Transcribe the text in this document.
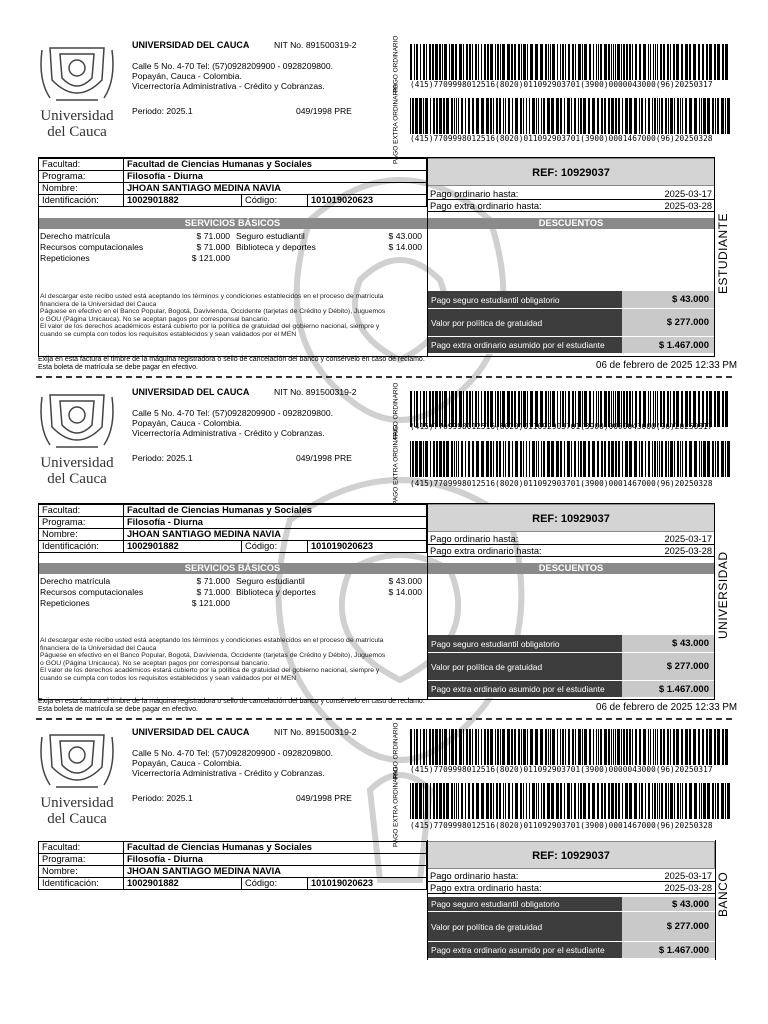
Universidad
del Cauca
UNIVERSIDAD DEL CAUCA	NIT No. 891500319-2
Calle 5 No. 4-70 Tel: (57)0928209900 - 0928209800.
Popayán, Cauca - Colombia.
Vicerrectoría Administrativa - Crédito y Cobranzas.
Periodo: 2025.1	049/1998 PRE
PAGO ORDINARIO (415)7709998012516(8020)011092903701(3900)0000043000(96)20250317
PAGO EXTRA ORDINARIO (415)7709998012516(8020)011092903701(3900)0001467000(96)20250328
Facultad:	Facultad de Ciencias Humanas y Sociales		
Programa:	Filosofía - Diurna		
Nombre:	JHOAN SANTIAGO MEDINA NAVIA		
Identificación:	1002901882	Código:	101019020623
REF: 10929037
Pago ordinario hasta:	2025-03-17
Pago extra ordinario hasta:	2025-03-28
SERVICIOS BÁSICOS	DESCUENTOS
Derecho matrícula	$ 71.000
Recursos computacionales	$ 71.000
Repeticiones	$ 121.000
Seguro estudiantil	$ 43.000
Biblioteca y deportes	$ 14.000
Al descargar este recibo usted está aceptando los términos y condiciones establecidos en el proceso de matrícula
financiera de la Universidad del Cauca
Páguese en efectivo en el Banco Popular, Bogotá, Davivienda, Occidente (tarjetas de Crédito y Débito), Juguemos
o GOU (Página Unicauca). No se aceptan pagos por corresponsal bancario.
El valor de los derechos académicos estará cubierto por la política de gratuidad del gobierno nacional, siempre y
cuando se cumpla con todos los requisitos establecidos y sean validados por el MEN
Pago seguro estudiantil obligatorio	$ 43.000
Valor por política de gratuidad	$ 277.000
Pago extra ordinario asumido por el estudiante	$ 1.467.000
Exija en esta factura el timbre de la máquina registradora o sello de cancelación del banco y consérvelo en caso de reclamo.
Esta boleta de matrícula se debe pagar en efectivo.	06 de febrero de 2025 12:33 PM
ESTUDIANTE
Universidad
del Cauca
UNIVERSIDAD DEL CAUCA	NIT No. 891500319-2
Calle 5 No. 4-70 Tel: (57)0928209900 - 0928209800.
Popayán, Cauca - Colombia.
Vicerrectoría Administrativa - Crédito y Cobranzas.
Periodo: 2025.1	049/1998 PRE
PAGO ORDINARIO (415)7709998012516(8020)011092903701(3900)0000043000(96)20250317
PAGO EXTRA ORDINARIO (415)7709998012516(8020)011092903701(3900)0001467000(96)20250328
Facultad:	Facultad de Ciencias Humanas y Sociales		
Programa:	Filosofía - Diurna		
Nombre:	JHOAN SANTIAGO MEDINA NAVIA		
Identificación:	1002901882	Código:	101019020623
REF: 10929037
Pago ordinario hasta:	2025-03-17
Pago extra ordinario hasta:	2025-03-28
SERVICIOS BÁSICOS	DESCUENTOS
Derecho matrícula	$ 71.000
Recursos computacionales	$ 71.000
Repeticiones	$ 121.000
Seguro estudiantil	$ 43.000
Biblioteca y deportes	$ 14.000
Al descargar este recibo usted está aceptando los términos y condiciones establecidos en el proceso de matrícula
financiera de la Universidad del Cauca
Páguese en efectivo en el Banco Popular, Bogotá, Davivienda, Occidente (tarjetas de Crédito y Débito), Juguemos
o GOU (Página Unicauca). No se aceptan pagos por corresponsal bancario.
El valor de los derechos académicos estará cubierto por la política de gratuidad del gobierno nacional, siempre y
cuando se cumpla con todos los requisitos establecidos y sean validados por el MEN
Pago seguro estudiantil obligatorio	$ 43.000
Valor por política de gratuidad	$ 277.000
Pago extra ordinario asumido por el estudiante	$ 1.467.000
Exija en esta factura el timbre de la máquina registradora o sello de cancelación del banco y consérvelo en caso de reclamo.
Esta boleta de matrícula se debe pagar en efectivo.	06 de febrero de 2025 12:33 PM
UNIVERSIDAD
Universidad
del Cauca
UNIVERSIDAD DEL CAUCA	NIT No. 891500319-2
Calle 5 No. 4-70 Tel: (57)0928209900 - 0928209800.
Popayán, Cauca - Colombia.
Vicerrectoría Administrativa - Crédito y Cobranzas.
Periodo: 2025.1	049/1998 PRE
PAGO ORDINARIO (415)7709998012516(8020)011092903701(3900)0000043000(96)20250317
PAGO EXTRA ORDINARIO (415)7709998012516(8020)011092903701(3900)0001467000(96)20250328
Facultad:	Facultad de Ciencias Humanas y Sociales		
Programa:	Filosofía - Diurna		
Nombre:	JHOAN SANTIAGO MEDINA NAVIA		
Identificación:	1002901882	Código:	101019020623
REF: 10929037
Pago ordinario hasta:	2025-03-17
Pago extra ordinario hasta:	2025-03-28
Pago seguro estudiantil obligatorio	$ 43.000
Valor por política de gratuidad	$ 277.000
Pago extra ordinario asumido por el estudiante	$ 1.467.000
BANCO
